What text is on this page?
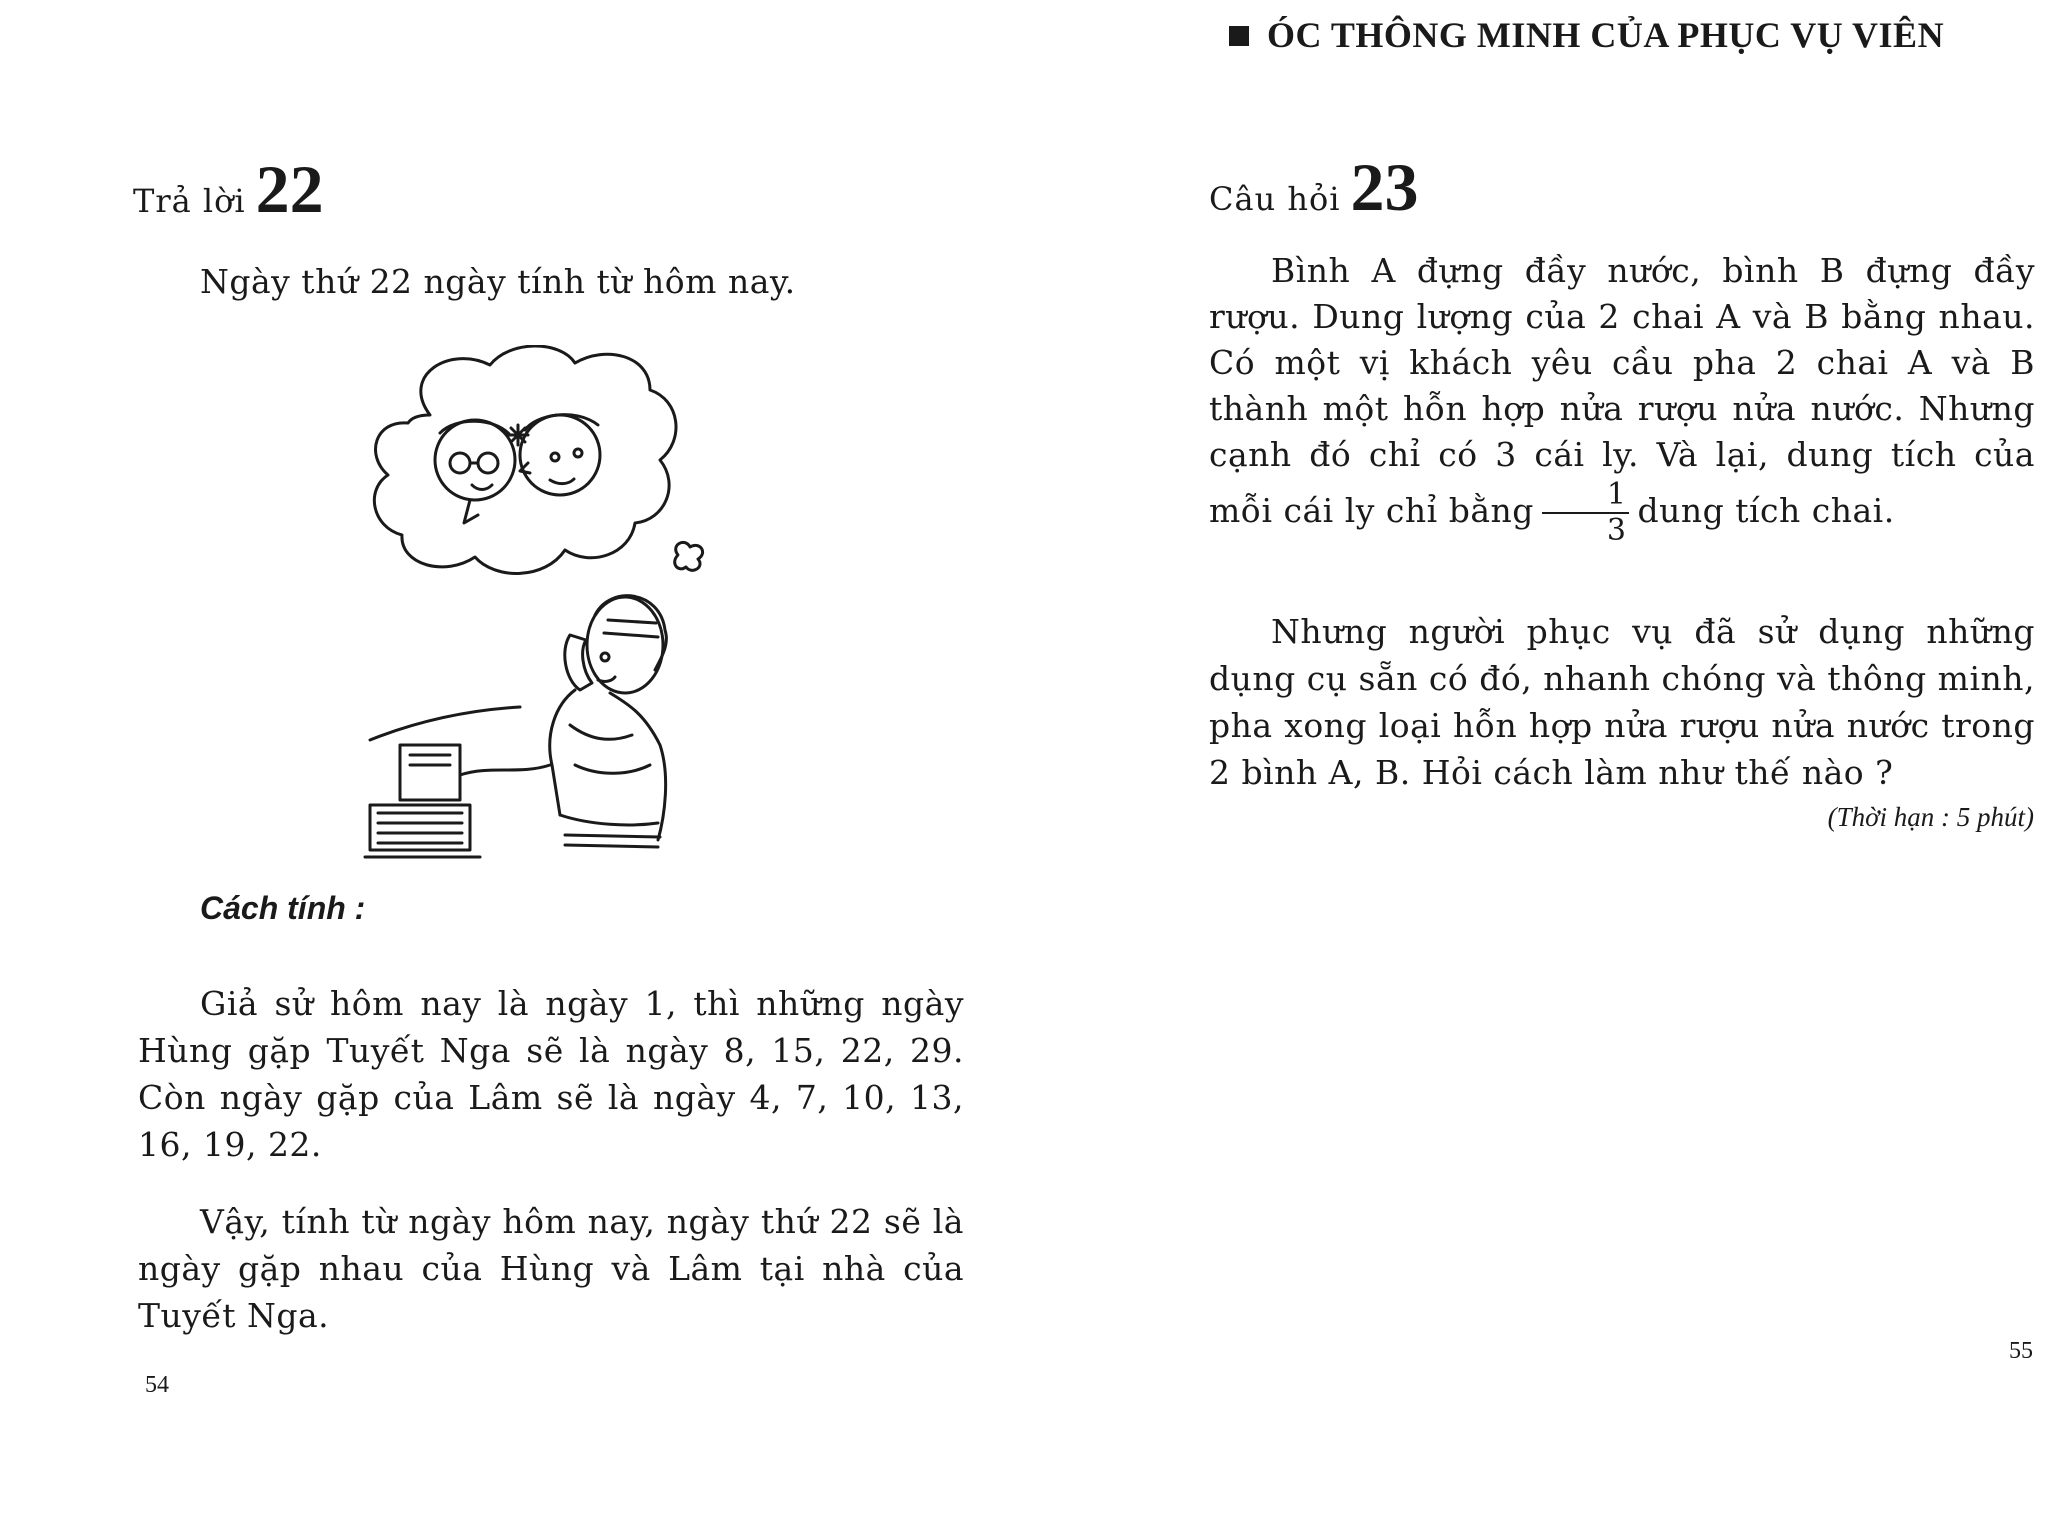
Trả lời 22
Ngày thứ 22 ngày tính từ hôm nay.
Cách tính :
Giả sử hôm nay là ngày 1, thì những ngày Hùng gặp Tuyết Nga sẽ là ngày 8, 15, 22, 29. Còn ngày gặp của Lâm sẽ là ngày 4, 7, 10, 13, 16, 19, 22.
Vậy, tính từ ngày hôm nay, ngày thứ 22 sẽ là ngày gặp nhau của Hùng và Lâm tại nhà của Tuyết Nga.
54
ÓC THÔNG MINH CỦA PHỤC VỤ VIÊN
Câu hỏi 23
Bình A đựng đầy nước, bình B đựng đầy rượu. Dung lượng của 2 chai A và B bằng nhau. Có một vị khách yêu cầu pha 2 chai A và B thành một hỗn hợp nửa rượu nửa nước. Nhưng cạnh đó chỉ có 3 cái ly. Và lại, dung tích của mỗi cái ly chỉ bằng $\frac{1}{3}$ dung tích chai.
Nhưng người phục vụ đã sử dụng những dụng cụ sẵn có đó, nhanh chóng và thông minh, pha xong loại hỗn hợp nửa rượu nửa nước trong 2 bình A, B. Hỏi cách làm như thế nào ?
(Thời hạn : 5 phút)
55
